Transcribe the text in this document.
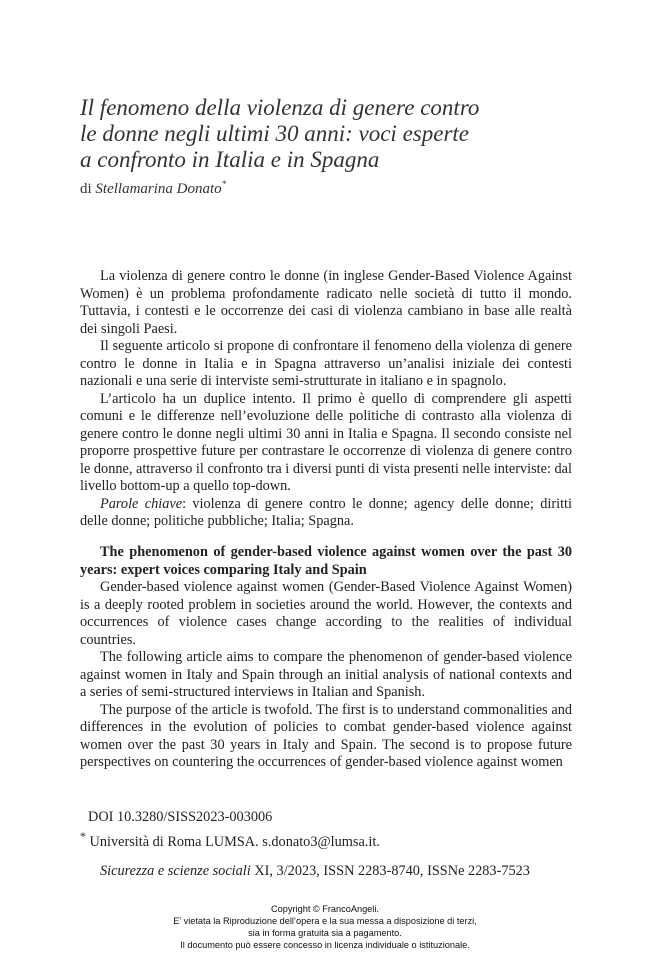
Il fenomeno della violenza di genere contro
le donne negli ultimi 30 anni: voci esperte
a confronto in Italia e in Spagna
di Stellamarina Donato*

La violenza di genere contro le donne (in inglese Gender-Based Violence Against Women) è un problema profondamente radicato nelle società di tutto il mondo. Tuttavia, i contesti e le occorrenze dei casi di violenza cambiano in base alle realtà dei singoli Paesi.

Il seguente articolo si propone di confrontare il fenomeno della violenza di genere contro le donne in Italia e in Spagna attraverso un’analisi iniziale dei contesti nazionali e una serie di interviste semi-strutturate in italiano e in spagnolo.

L’articolo ha un duplice intento. Il primo è quello di comprendere gli aspetti comuni e le differenze nell’evoluzione delle politiche di contrasto alla violenza di genere contro le donne negli ultimi 30 anni in Italia e Spagna. Il secondo consiste nel proporre prospettive future per contrastare le occorrenze di violenza di genere contro le donne, attraverso il confronto tra i diversi punti di vista presenti nelle interviste: dal livello bottom-up a quello top-down.

Parole chiave: violenza di genere contro le donne; agency delle donne; diritti delle donne; politiche pubbliche; Italia; Spagna.

The phenomenon of gender-based violence against women over the past 30 years: expert voices comparing Italy and Spain

Gender-based violence against women (Gender-Based Violence Against Women) is a deeply rooted problem in societies around the world. However, the contexts and occurrences of violence cases change according to the realities of individual countries.

The following article aims to compare the phenomenon of gender-based violence against women in Italy and Spain through an initial analysis of national contexts and a series of semi-structured interviews in Italian and Spanish.

The purpose of the article is twofold. The first is to understand commonalities and differences in the evolution of policies to combat gender-based violence against women over the past 30 years in Italy and Spain. The second is to propose future perspectives on countering the occurrences of gender-based violence against women

DOI 10.3280/SISS2023-003006
* Università di Roma LUMSA. s.donato3@lumsa.it.
Sicurezza e scienze sociali XI, 3/2023, ISSN 2283-8740, ISSNe 2283-7523
Copyright © FrancoAngeli.
E’ vietata la Riproduzione dell’opera e la sua messa a disposizione di terzi,
sia in forma gratuita sia a pagamento.
Il documento può essere concesso in licenza individuale o istituzionale.
